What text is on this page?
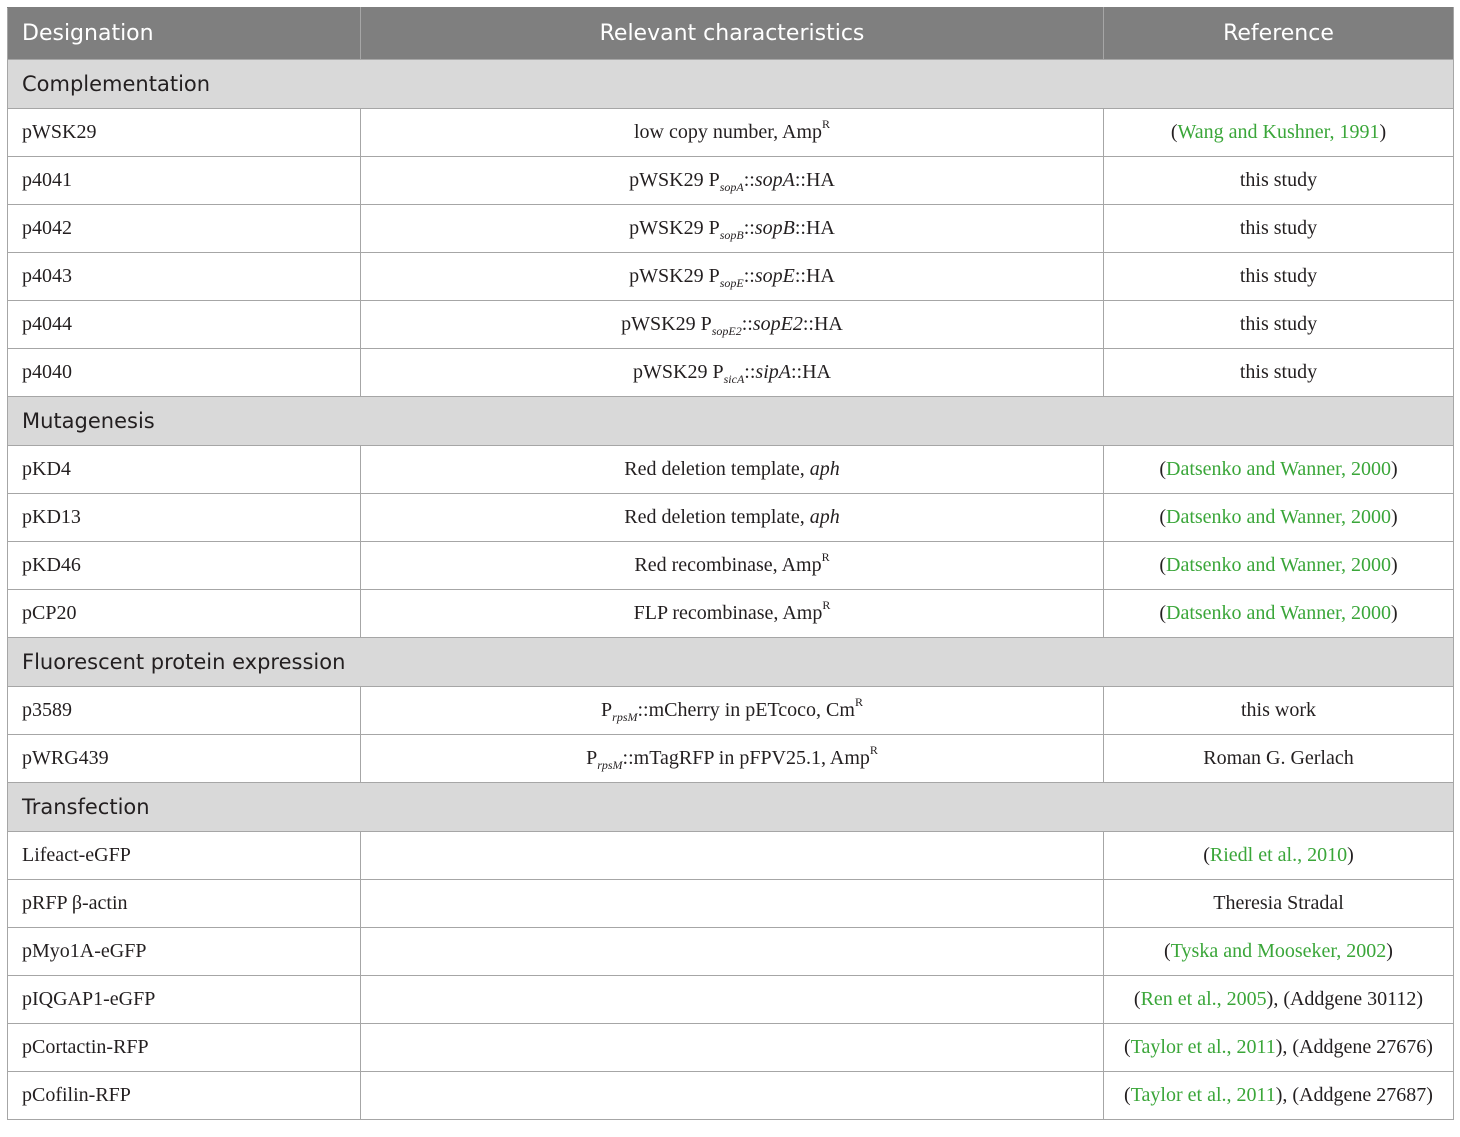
Designation	Relevant characteristics	Reference
Complementation		
pWSK29	low copy number, Amp$^R$	(Wang and Kushner, 1991)
p4041	pWSK29 $P_{sopA}::sopA::HA$	this study
p4042	pWSK29 $P_{sopB}::sopB::HA$	this study
p4043	pWSK29 $P_{sopE}::sopE::HA$	this study
p4044	pWSK29 $P_{sopE2}::sopE2::HA$	this study
p4040	pWSK29 $P_{sicA}::sipA::HA$	this study
Mutagenesis		
pKD4	Red deletion template, aph	(Datsenko and Wanner, 2000)
pKD13	Red deletion template, aph	(Datsenko and Wanner, 2000)
pKD46	Red recombinase, Amp$^R$	(Datsenko and Wanner, 2000)
pCP20	FLP recombinase, Amp$^R$	(Datsenko and Wanner, 2000)
Fluorescent protein expression		
p3589	$P_{rpsM}::mCherry$ in pETcoco, $Cm^R$	this work
pWRG439	$P_{rpsM}::mTagRFP$ in pFPV25.1, Amp$^R$	Roman G. Gerlach
Transfection		
Lifeact-eGFP		(Riedl et al., 2010)
pRFP β-actin		Theresia Stradal
pMyo1A-eGFP		(Tyska and Mooseker, 2002)
pIQGAP1-eGFP		(Ren et al., 2005), (Addgene 30112)
pCortactin-RFP		(Taylor et al., 2011), (Addgene 27676)
pCofilin-RFP		(Taylor et al., 2011), (Addgene 27687)
